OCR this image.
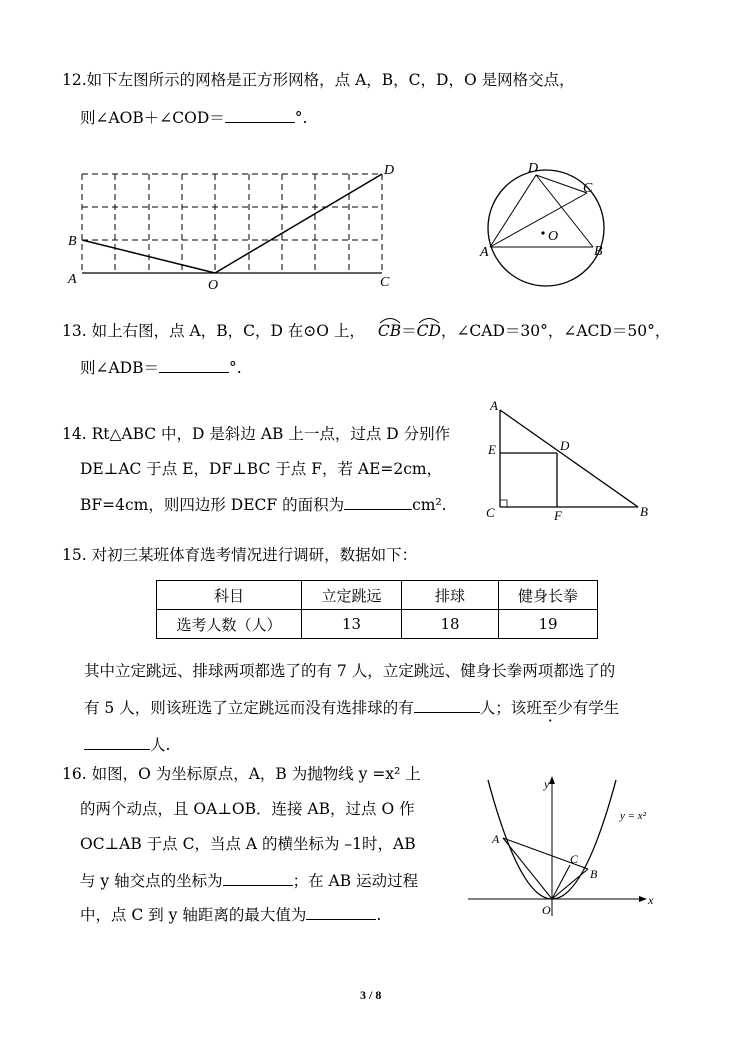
12.如下左图所示的网格是正方形网格，点 A，B，C，D，O 是网格交点，
则∠AOB＋∠COD＝	°.
A
B
C
D
O
A	B
C
D
O
13. 如上右图，点 A，B，C，D 在⊙O 上， CB＝
CD，∠CAD＝30°，∠ACD＝50°，
则∠ADB＝	°.
14. Rt△ABC 中，D 是斜边 AB 上一点，过点 D 分别作
DE⊥AC 于点 E，DF⊥BC 于点 F，若 AE=2cm，
BF=4cm，则四边形 DECF 的面积为	cm².
A
E	D
C	F	B
15. 对初三某班体育选考情况进行调研，数据如下：
科目	立定跳远	排球	健身长拳
选考人数（人）	13	18	19
其中立定跳远、排球两项都选了的有 7 人，立定跳远、健身长拳两项都选了的
有 5 人，则该班选了立定跳远而没有选排球的有	人；该班至少有学生
人.
16. 如图，O 为坐标原点，A，B 为抛物线 y =x² 上
的两个动点，且 OA⊥OB．连接 AB，过点 O 作
OC⊥AB 于点 C，当点 A 的横坐标为 –1时，AB
与 y 轴交点的坐标为	；在 AB 运动过程
中，点 C 到 y 轴距离的最大值为	.
y
x
O
A
B
C
y = x²
3 / 8
